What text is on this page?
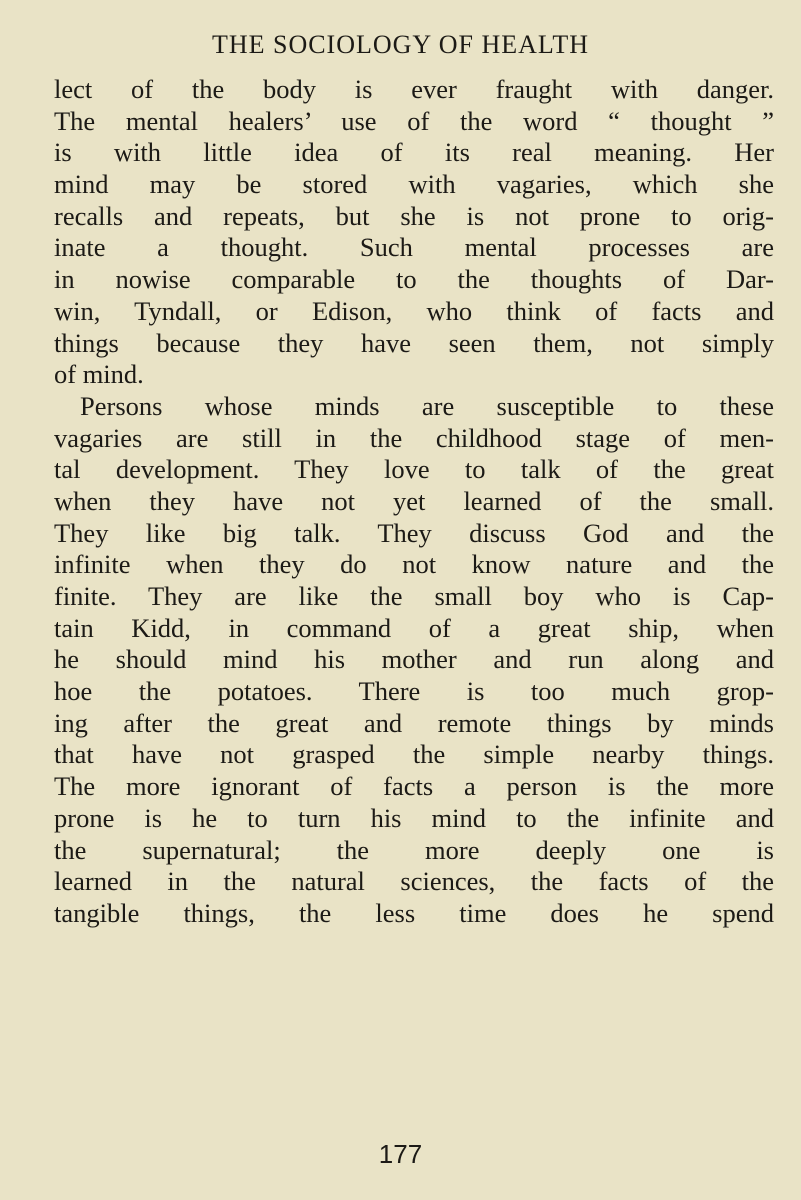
THE SOCIOLOGY OF HEALTH
lect of the body is ever fraught with danger.
The mental healers’ use of the word “ thought ”
is with little idea of its real meaning. Her
mind may be stored with vagaries, which she
recalls and repeats, but she is not prone to orig-
inate a thought. Such mental processes are
in nowise comparable to the thoughts of Dar-
win, Tyndall, or Edison, who think of facts and
things because they have seen them, not simply
of mind.
Persons whose minds are susceptible to these
vagaries are still in the childhood stage of men-
tal development. They love to talk of the great
when they have not yet learned of the small.
They like big talk. They discuss God and the
infinite when they do not know nature and the
finite. They are like the small boy who is Cap-
tain Kidd, in command of a great ship, when
he should mind his mother and run along and
hoe the potatoes. There is too much grop-
ing after the great and remote things by minds
that have not grasped the simple nearby things.
The more ignorant of facts a person is the more
prone is he to turn his mind to the infinite and
the supernatural; the more deeply one is
learned in the natural sciences, the facts of the
tangible things, the less time does he spend
177
